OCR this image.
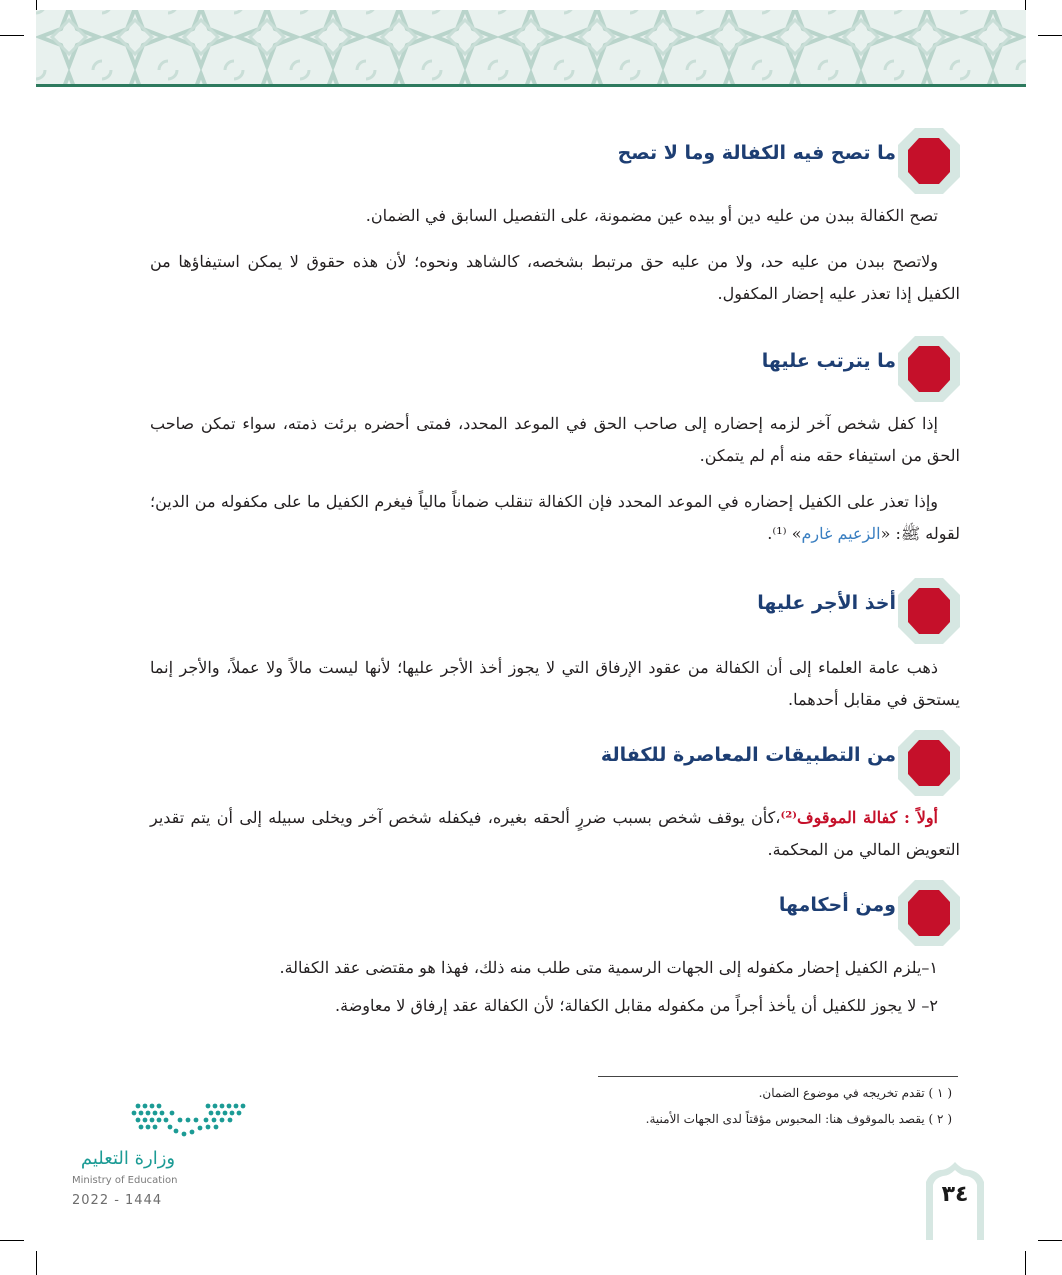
ما تصح فيه الكفالة وما لا تصح

تصح الكفالة ببدن من عليه دين أو بيده عين مضمونة، على التفصيل السابق في الضمان.

ولاتصح ببدن من عليه حد، ولا من عليه حق مرتبط بشخصه، كالشاهد ونحوه؛ لأن هذه حقوق لا يمكن استيفاؤها من الكفيل إذا تعذر عليه إحضار المكفول.

ما يترتب عليها

إذا كفل شخص آخر لزمه إحضاره إلى صاحب الحق في الموعد المحدد، فمتى أحضره برئت ذمته، سواء تمكن صاحب الحق من استيفاء حقه منه أم لم يتمكن.

وإذا تعذر على الكفيل إحضاره في الموعد المحدد فإن الكفالة تنقلب ضماناً مالياً فيغرم الكفيل ما على مكفوله من الدين؛ لقوله ﷺ: «الزعيم غارم» ⁽¹⁾.

أخذ الأجر عليها

ذهب عامة العلماء إلى أن الكفالة من عقود الإرفاق التي لا يجوز أخذ الأجر عليها؛ لأنها ليست مالاً ولا عملاً، والأجر إنما يستحق في مقابل أحدهما.

من التطبيقات المعاصرة للكفالة

أولاً : كفالة الموقوف⁽²⁾،كأن يوقف شخص بسبب ضررٍ ألحقه بغيره، فيكفله شخص آخر ويخلى سبيله إلى أن يتم تقدير التعويض المالي من المحكمة.

ومن أحكامها

١–يلزم الكفيل إحضار مكفوله إلى الجهات الرسمية متى طلب منه ذلك، فهذا هو مقتضى عقد الكفالة.

٢– لا يجوز للكفيل أن يأخذ أجراً من مكفوله مقابل الكفالة؛ لأن الكفالة عقد إرفاق لا معاوضة.

( ١ ) تقدم تخريجه في موضوع الضمان.
( ٢ ) يقصد بالموقوف هنا: المحبوس مؤقتاً لدى الجهات الأمنية.
وزارة التعليم
Ministry of Education
2022 - 1444	٣٤
